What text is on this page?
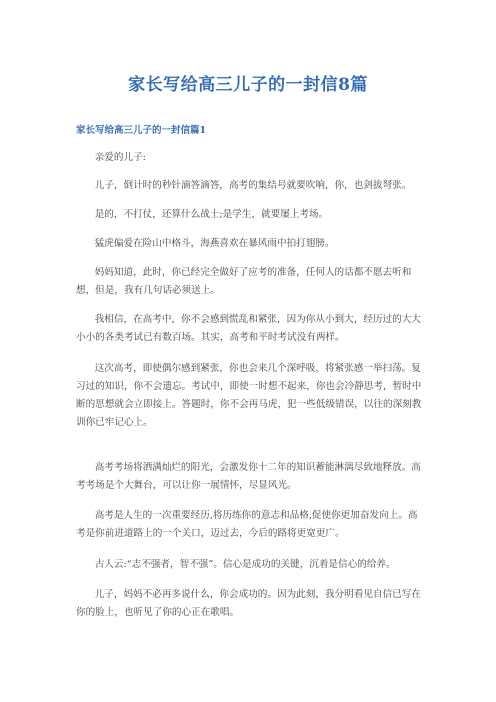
家长写给高三儿子的一封信8篇
家长写给高三儿子的一封信篇1

亲爱的儿子:

儿子，倒计时的秒针滴答滴答，高考的集结号就要吹响，你，也剑拔弩张。

是的，不打仗，还算什么战士;是学生，就要屡上考场。

猛虎偏爱在险山中格斗，海燕喜欢在暴风雨中拍打翅膀。

妈妈知道，此时，你已经完全做好了应考的准备，任何人的话都不愿去听和想，但是，我有几句话必须送上。

我相信，在高考中，你不会感到慌乱和紧张，因为你从小到大，经历过的大大小小的各类考试已有数百场。其实，高考和平时考试没有两样。

这次高考，即使偶尔感到紧张，你也会来几个深呼吸，将紧张感一举扫荡。复习过的知识，你不会遗忘。考试中，即使一时想不起来，你也会冷静思考，暂时中断的思想就会立即接上。答题时，你不会再马虎，犯一些低级错误，以往的深刻教训你已牢记心上。

高考考场将洒满灿烂的阳光，会激发你十二年的知识蓄能淋漓尽致地释放。高考考场是个大舞台，可以让你一展情怀，尽显风光。

高考是人生的一次重要经历,将历练你的意志和品格,促使你更加奋发向上。高考是你前进道路上的一个关口，迈过去，今后的路将更宽更广。

古人云:“志不强者，智不强”。信心是成功的关键，沉着是信心的给养。

儿子，妈妈不必再多说什么，你会成功的。因为此刻，我分明看见自信已写在你的脸上，也听见了你的心正在歌唱。
